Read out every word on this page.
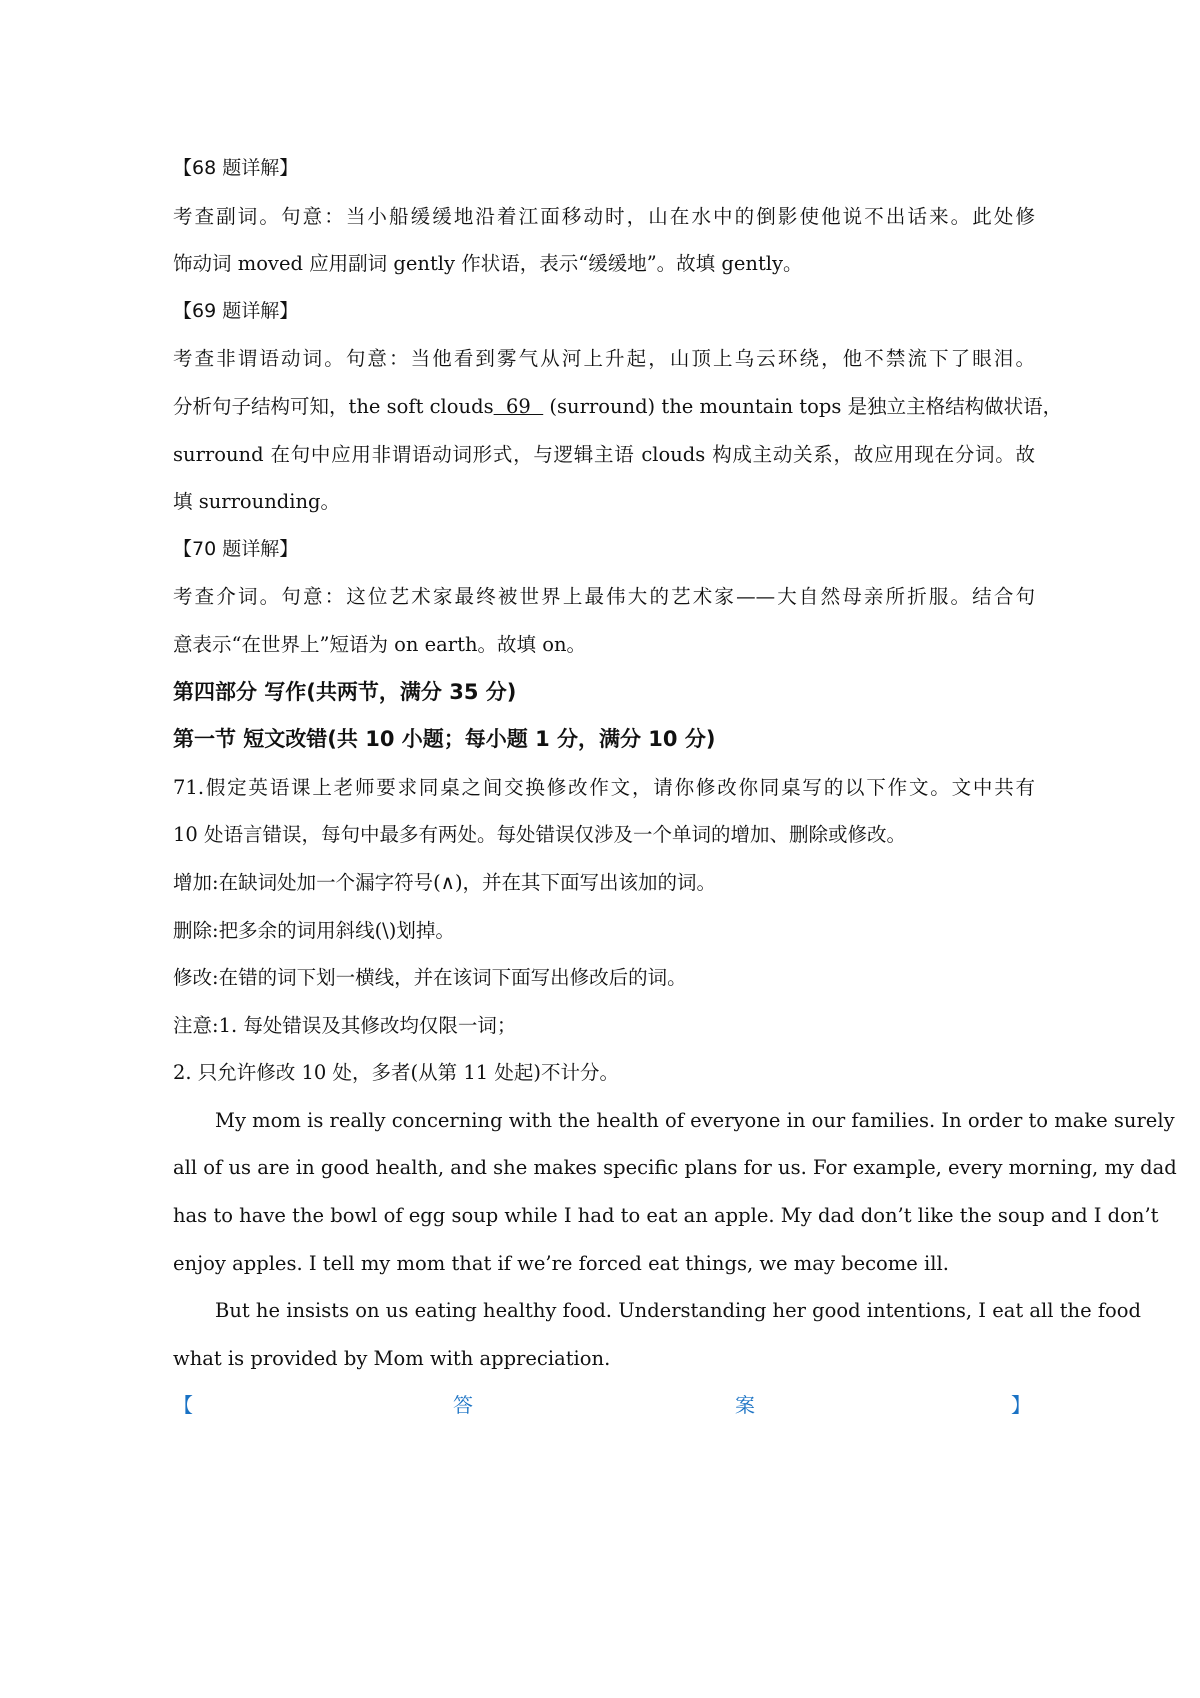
【68 题详解】
考查副词。句意：当小船缓缓地沿着江面移动时，山在水中的倒影使他说不出话来。此处修
饰动词 moved 应用副词 gently 作状语，表示“缓缓地”。故填 gently。
【69 题详解】
考查非谓语动词。句意：当他看到雾气从河上升起，山顶上乌云环绕，他不禁流下了眼泪。
分析句子结构可知，the soft clouds  69   (surround) the mountain tops 是独立主格结构做状语，
surround 在句中应用非谓语动词形式，与逻辑主语 clouds 构成主动关系，故应用现在分词。故
填 surrounding。
【70 题详解】
考查介词。句意：这位艺术家最终被世界上最伟大的艺术家——大自然母亲所折服。结合句
意表示“在世界上”短语为 on earth。故填 on。
第四部分 写作(共两节，满分 35 分)
第一节 短文改错(共 10 小题；每小题 1 分，满分 10 分)
71.假定英语课上老师要求同桌之间交换修改作文，请你修改你同桌写的以下作文。文中共有
10 处语言错误，每句中最多有两处。每处错误仅涉及一个单词的增加、删除或修改。
增加:在缺词处加一个漏字符号(∧)，并在其下面写出该加的词。
删除:把多余的词用斜线(\)划掉。
修改:在错的词下划一横线，并在该词下面写出修改后的词。
注意:1. 每处错误及其修改均仅限一词；
2. 只允许修改 10 处，多者(从第 11 处起)不计分。
My mom is really concerning with the health of everyone in our families. In order to make surely
all of us are in good health, and she makes specific plans for us. For example, every morning, my dad
has to have the bowl of egg soup while I had to eat an apple. My dad don’t like the soup and I don’t
enjoy apples. I tell my mom that if we’re forced eat things, we may become ill.
But he insists on us eating healthy food. Understanding her good intentions, I eat all the food
what is provided by Mom with appreciation.
【	答	案	】
